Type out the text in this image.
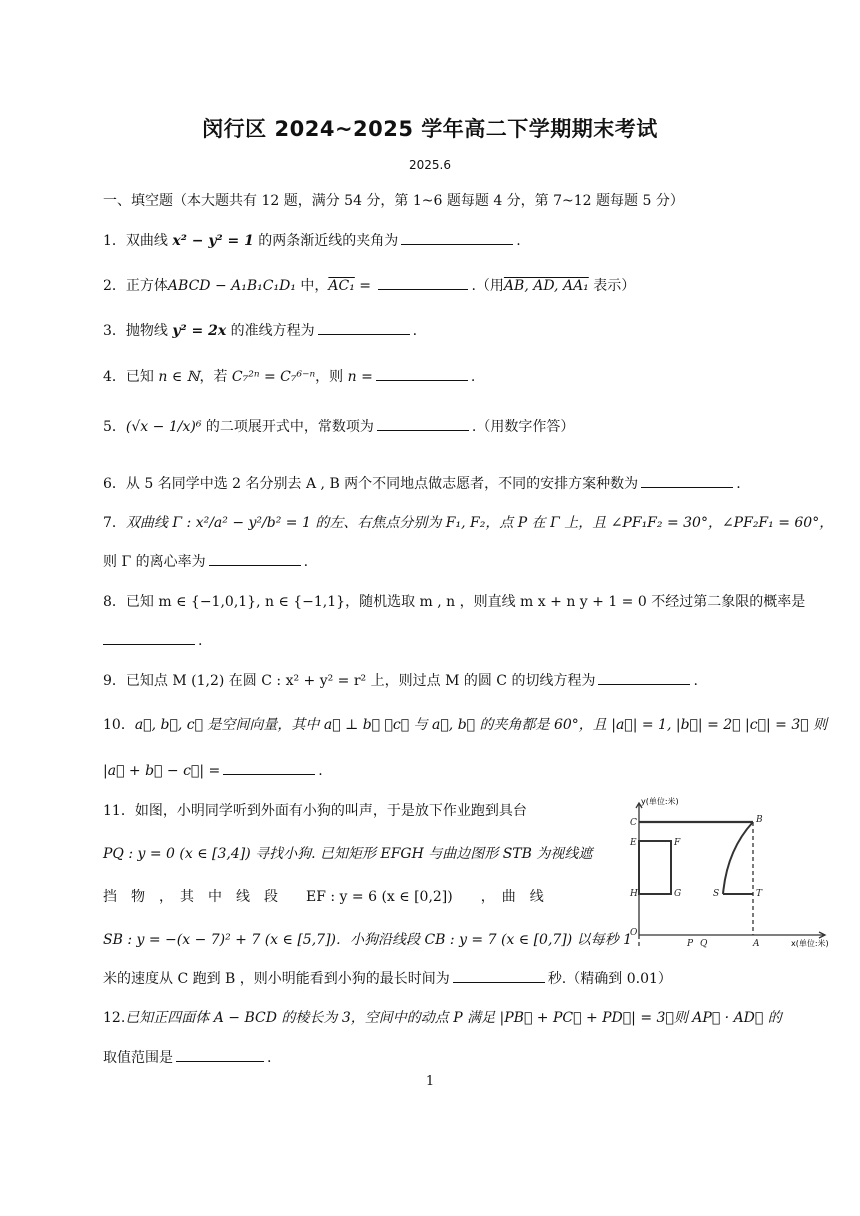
闵行区 2024~2025 学年高二下学期期末考试
2025.6
一、填空题（本大题共有 12 题，满分 54 分，第 1~6 题每题 4 分，第 7~12 题每题 5 分）
1．双曲线 x² − y² = 1 的两条渐近线的夹角为	.
2．正方体ABCD − A₁B₁C₁D₁ 中，AC₁ =	.（用AB, AD, AA₁ 表示）
3．抛物线 y² = 2x 的准线方程为	.
4．已知 n ∈ ℕ，若 C₇²ⁿ = C₇⁶⁻ⁿ，则 n =	.
5．(√x − 1/x)⁶ 的二项展开式中，常数项为	.（用数字作答）
6．从 5 名同学中选 2 名分别去 A , B 两个不同地点做志愿者，不同的安排方案种数为	.
7．双曲线 Γ : x²/a² − y²/b² = 1 的左、右焦点分别为 F₁, F₂，点 P 在 Γ 上，且 ∠PF₁F₂ = 30°，∠PF₂F₁ = 60°，
则 Γ 的离心率为	.
8．已知 m ∈ {−1,0,1}, n ∈ {−1,1}，随机选取 m , n ，则直线 m x + n y + 1 = 0 不经过第二象限的概率是
.
9．已知点 M (1,2) 在圆 C : x² + y² = r² 上，则过点 M 的圆 C 的切线方程为	.
10．a⃗, b⃗, c⃗ 是空间向量，其中 a⃗ ⊥ b⃗ ，c⃗ 与 a⃗, b⃗ 的夹角都是 60°，且 |a⃗| = 1, |b⃗| = 2， |c⃗| = 3． 则
|a⃗ + b⃗ − c⃗| =	.
11．如图，小明同学听到外面有小狗的叫声，于是放下作业跑到具台
PQ : y = 0 (x ∈ [3,4]) 寻找小狗. 已知矩形 EFGH 与曲边图形 STB 为视线遮
挡　物　，　其　中　线　段　　EF : y = 6 (x ∈ [0,2])　　，　曲　线
SB : y = −(x − 7)² + 7 (x ∈ [5,7])．小狗沿线段 CB : y = 7 (x ∈ [0,7]) 以每秒 1
米的速度从 C 跑到 B ，则小明能看到小狗的最长时间为	秒.（精确到 0.01）
y(单位:米)
x(单位:米)
C	B
E	F
H	G	S	T
O
P Q	A
12.已知正四面体 A − BCD 的棱长为 3，空间中的动点 P 满足 |PB⃗ + PC⃗ + PD⃗| = 3，则 AP⃗ · AD⃗ 的
取值范围是	.
1
